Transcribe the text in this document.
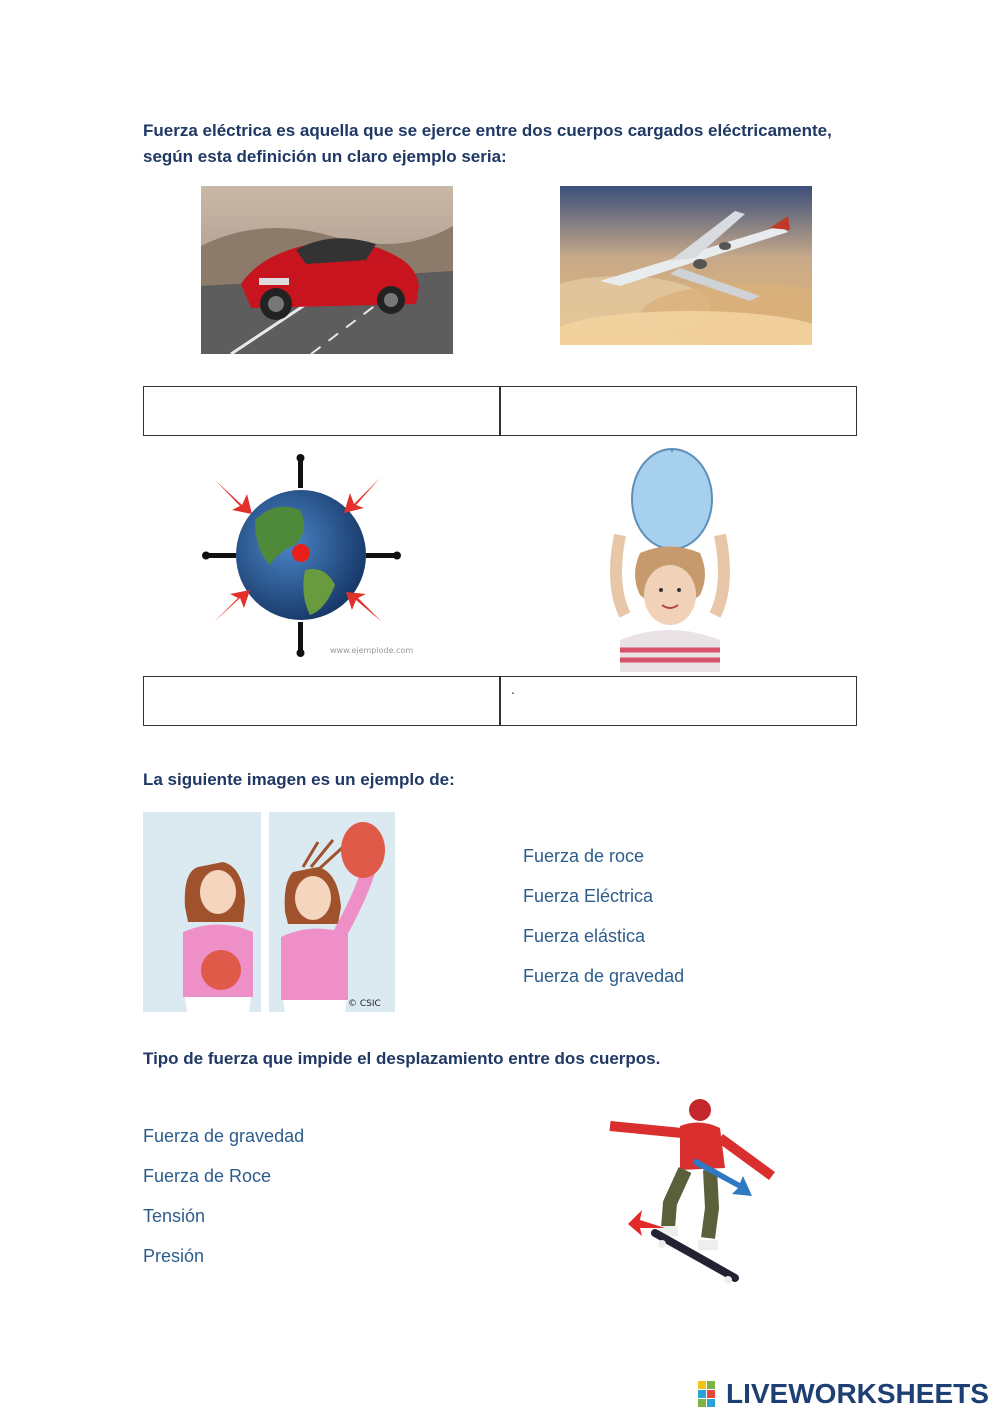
Fuerza eléctrica es aquella que se ejerce entre dos cuerpos cargados eléctricamente,
según esta definición un claro ejemplo seria:
www.ejemplode.com
.
La siguiente imagen es un ejemplo de:
© CSIC
Fuerza de roce
Fuerza Eléctrica
Fuerza elástica
Fuerza de gravedad
Tipo de fuerza que impide el desplazamiento entre dos cuerpos.
Fuerza de gravedad
Fuerza de Roce
Tensión
Presión
LIVEWORKSHEETS
